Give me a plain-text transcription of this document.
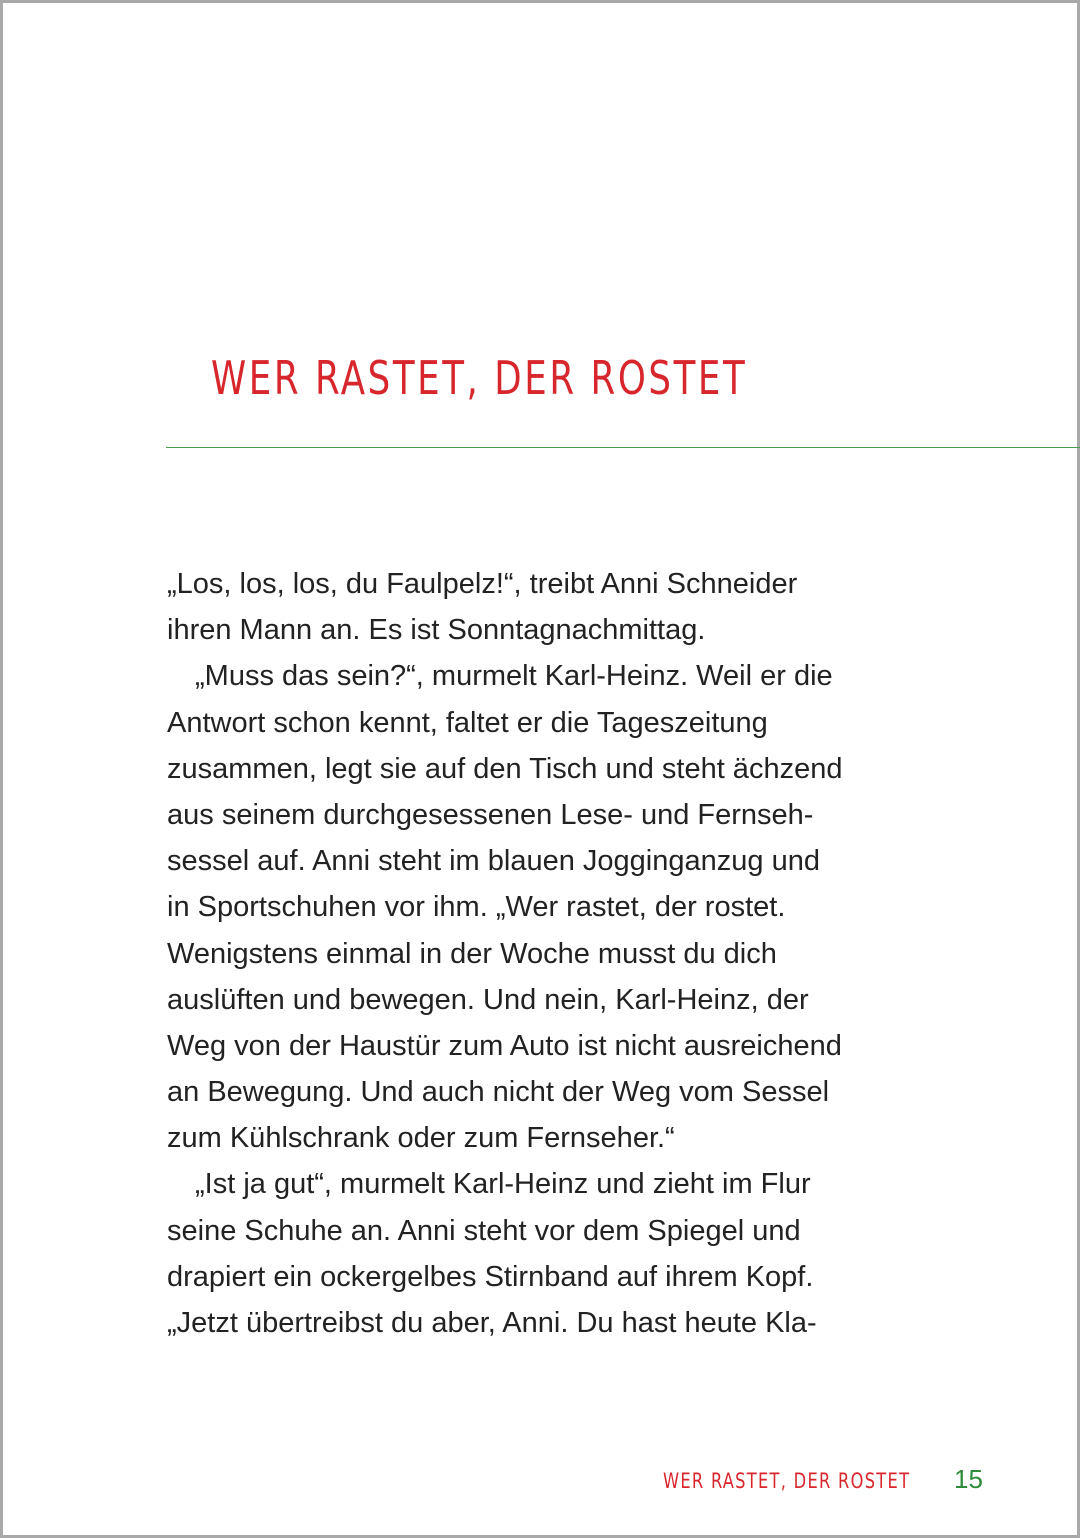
WER RASTET, DER ROSTET
„Los, los, los, du Faulpelz!“, treibt Anni Schneider
ihren Mann an. Es ist Sonntagnachmittag.
„Muss das sein?“, murmelt Karl-Heinz. Weil er die
Antwort schon kennt, faltet er die Tageszeitung
zusammen, legt sie auf den Tisch und steht ächzend
aus seinem durchgesessenen Lese- und Fernseh-
sessel auf. Anni steht im blauen Jogginganzug und
in Sportschuhen vor ihm. „Wer rastet, der rostet.
Wenigstens einmal in der Woche musst du dich
auslüften und bewegen. Und nein, Karl-Heinz, der
Weg von der Haustür zum Auto ist nicht ausreichend
an Bewegung. Und auch nicht der Weg vom Sessel
zum Kühlschrank oder zum Fernseher.“
„Ist ja gut“, murmelt Karl-Heinz und zieht im Flur
seine Schuhe an. Anni steht vor dem Spiegel und
drapiert ein ockergelbes Stirnband auf ihrem Kopf.
„Jetzt übertreibst du aber, Anni. Du hast heute Kla-
WER RASTET, DER ROSTET 15
